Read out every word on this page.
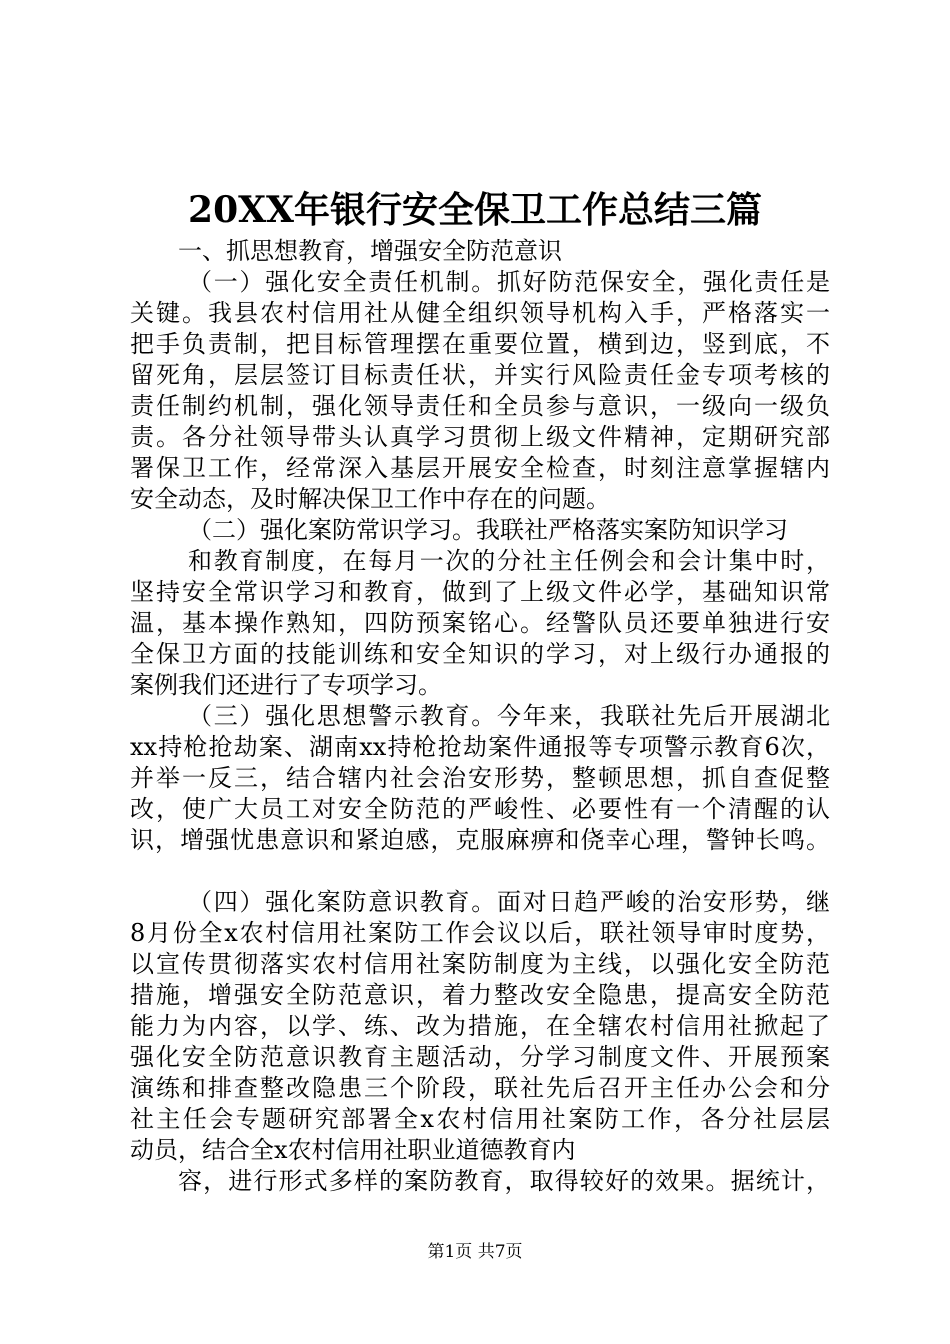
20XX年银行安全保卫工作总结三篇
一、抓思想教育，增强安全防范意识
（一）强化安全责任机制。抓好防范保安全，强化责任是
关键。我县农村信用社从健全组织领导机构入手，严格落实一
把手负责制，把目标管理摆在重要位置，横到边，竖到底，不
留死角，层层签订目标责任状，并实行风险责任金专项考核的
责任制约机制，强化领导责任和全员参与意识，一级向一级负
责。各分社领导带头认真学习贯彻上级文件精神，定期研究部
署保卫工作，经常深入基层开展安全检查，时刻注意掌握辖内
安全动态，及时解决保卫工作中存在的问题。
（二）强化案防常识学习。我联社严格落实案防知识学习
和教育制度，在每月一次的分社主任例会和会计集中时，
坚持安全常识学习和教育，做到了上级文件必学，基础知识常
温，基本操作熟知，四防预案铭心。经警队员还要单独进行安
全保卫方面的技能训练和安全知识的学习，对上级行办通报的
案例我们还进行了专项学习。
（三）强化思想警示教育。今年来，我联社先后开展湖北
xx持枪抢劫案、湖南xx持枪抢劫案件通报等专项警示教育6次，
并举一反三，结合辖内社会治安形势，整顿思想，抓自查促整
改，使广大员工对安全防范的严峻性、必要性有一个清醒的认
识，增强忧患意识和紧迫感，克服麻痹和侥幸心理，警钟长鸣。
（四）强化案防意识教育。面对日趋严峻的治安形势，继
8月份全x农村信用社案防工作会议以后，联社领导审时度势，
以宣传贯彻落实农村信用社案防制度为主线，以强化安全防范
措施，增强安全防范意识，着力整改安全隐患，提高安全防范
能力为内容，以学、练、改为措施，在全辖农村信用社掀起了
强化安全防范意识教育主题活动，分学习制度文件、开展预案
演练和排查整改隐患三个阶段，联社先后召开主任办公会和分
社主任会专题研究部署全x农村信用社案防工作，各分社层层
动员，结合全x农村信用社职业道德教育内
容，进行形式多样的案防教育，取得较好的效果。据统计，
第1页 共7页
